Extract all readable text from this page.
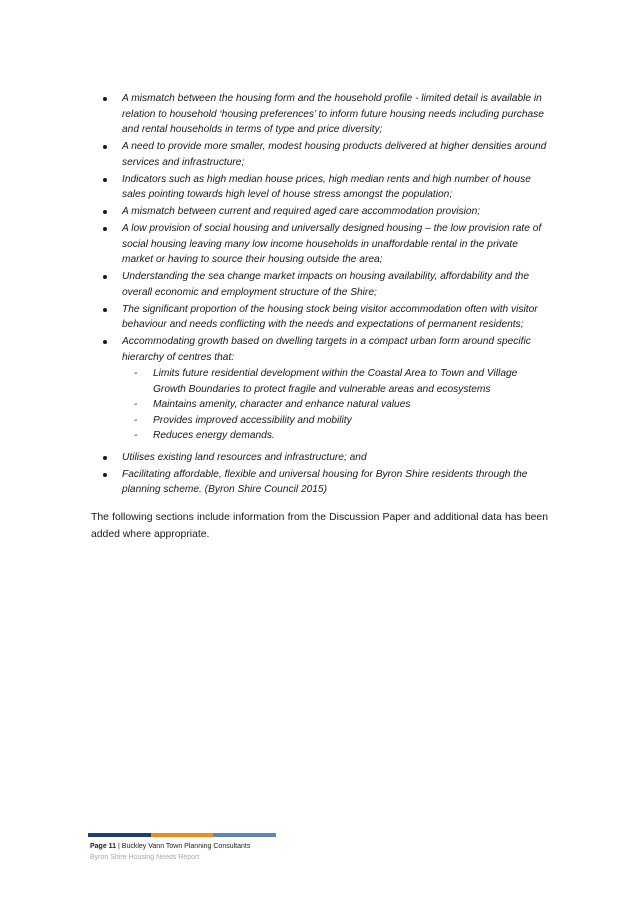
A mismatch between the housing form and the household profile - limited detail is available in relation to household ‘housing preferences’ to inform future housing needs including purchase and rental households in terms of type and price diversity;
A need to provide more smaller, modest housing products delivered at higher densities around services and infrastructure;
Indicators such as high median house prices, high median rents and high number of house sales pointing towards high level of house stress amongst the population;
A mismatch between current and required aged care accommodation provision;
A low provision of social housing and universally designed housing – the low provision rate of social housing leaving many low income households in unaffordable rental in the private market or having to source their housing outside the area;
Understanding the sea change market impacts on housing availability, affordability and the overall economic and employment structure of the Shire;
The significant proportion of the housing stock being visitor accommodation often with visitor behaviour and needs conflicting with the needs and expectations of permanent residents;
Accommodating growth based on dwelling targets in a compact urban form around specific hierarchy of centres that:
- Limits future residential development within the Coastal Area to Town and Village Growth Boundaries to protect fragile and vulnerable areas and ecosystems
- Maintains amenity, character and enhance natural values
- Provides improved accessibility and mobility
- Reduces energy demands.
Utilises existing land resources and infrastructure; and
Facilitating affordable, flexible and universal housing for Byron Shire residents through the planning scheme. (Byron Shire Council 2015)

The following sections include information from the Discussion Paper and additional data has been added where appropriate.

Page 11 | Buckley Vann Town Planning Consultants
Byron Shire Housing Needs Report
